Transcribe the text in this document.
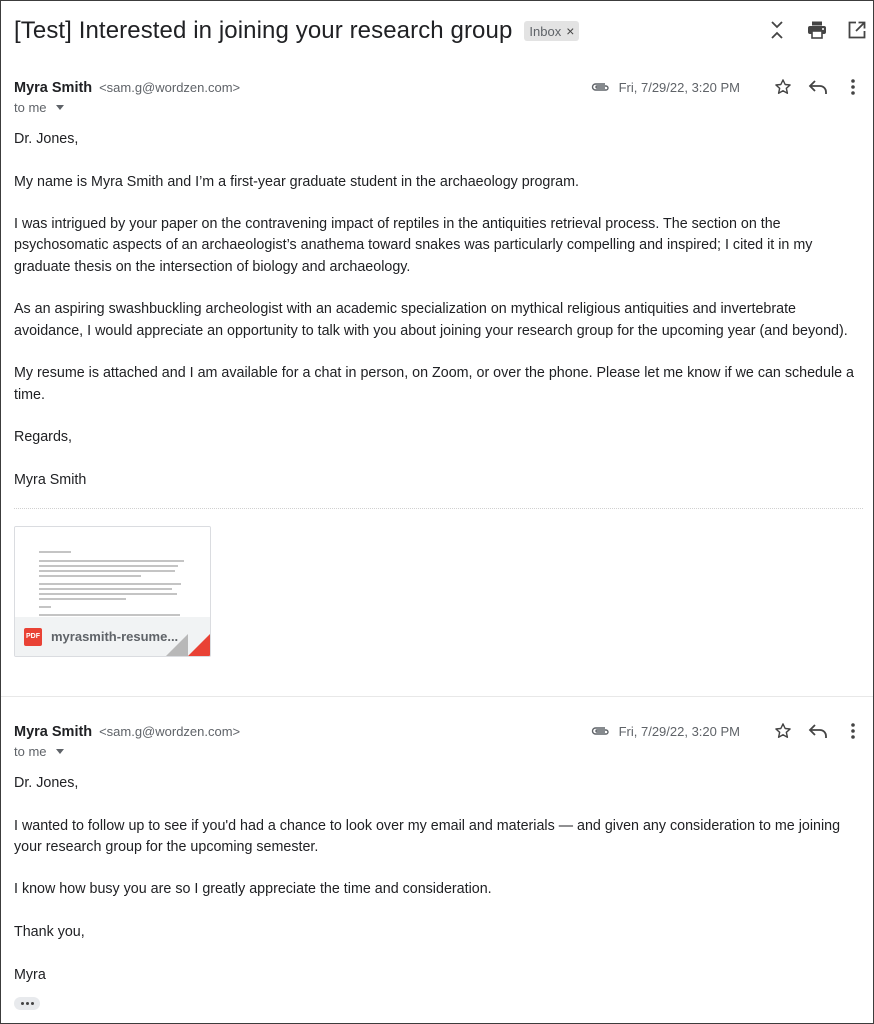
[Test] Interested in joining your research group Inbox ×
Myra Smith <sam.g@wordzen.com>
to me
Fri, 7/29/22, 3:20 PM

Dr. Jones,

My name is Myra Smith and I’m a first-year graduate student in the archaeology program.

I was intrigued by your paper on the contravening impact of reptiles in the antiquities retrieval process. The section on the psychosomatic aspects of an archaeologist’s anathema toward snakes was particularly compelling and inspired; I cited it in my graduate thesis on the intersection of biology and archaeology.

As an aspiring swashbuckling archeologist with an academic specialization on mythical religious antiquities and invertebrate avoidance, I would appreciate an opportunity to talk with you about joining your research group for the upcoming year (and beyond).

My resume is attached and I am available for a chat in person, on Zoom, or over the phone. Please let me know if we can schedule a time.

Regards,

Myra Smith

PDF myrasmith-resume...
Myra Smith <sam.g@wordzen.com>
to me
Fri, 7/29/22, 3:20 PM

Dr. Jones,

I wanted to follow up to see if you'd had a chance to look over my email and materials — and given any consideration to me joining your research group for the upcoming semester.

I know how busy you are so I greatly appreciate the time and consideration.

Thank you,

Myra
